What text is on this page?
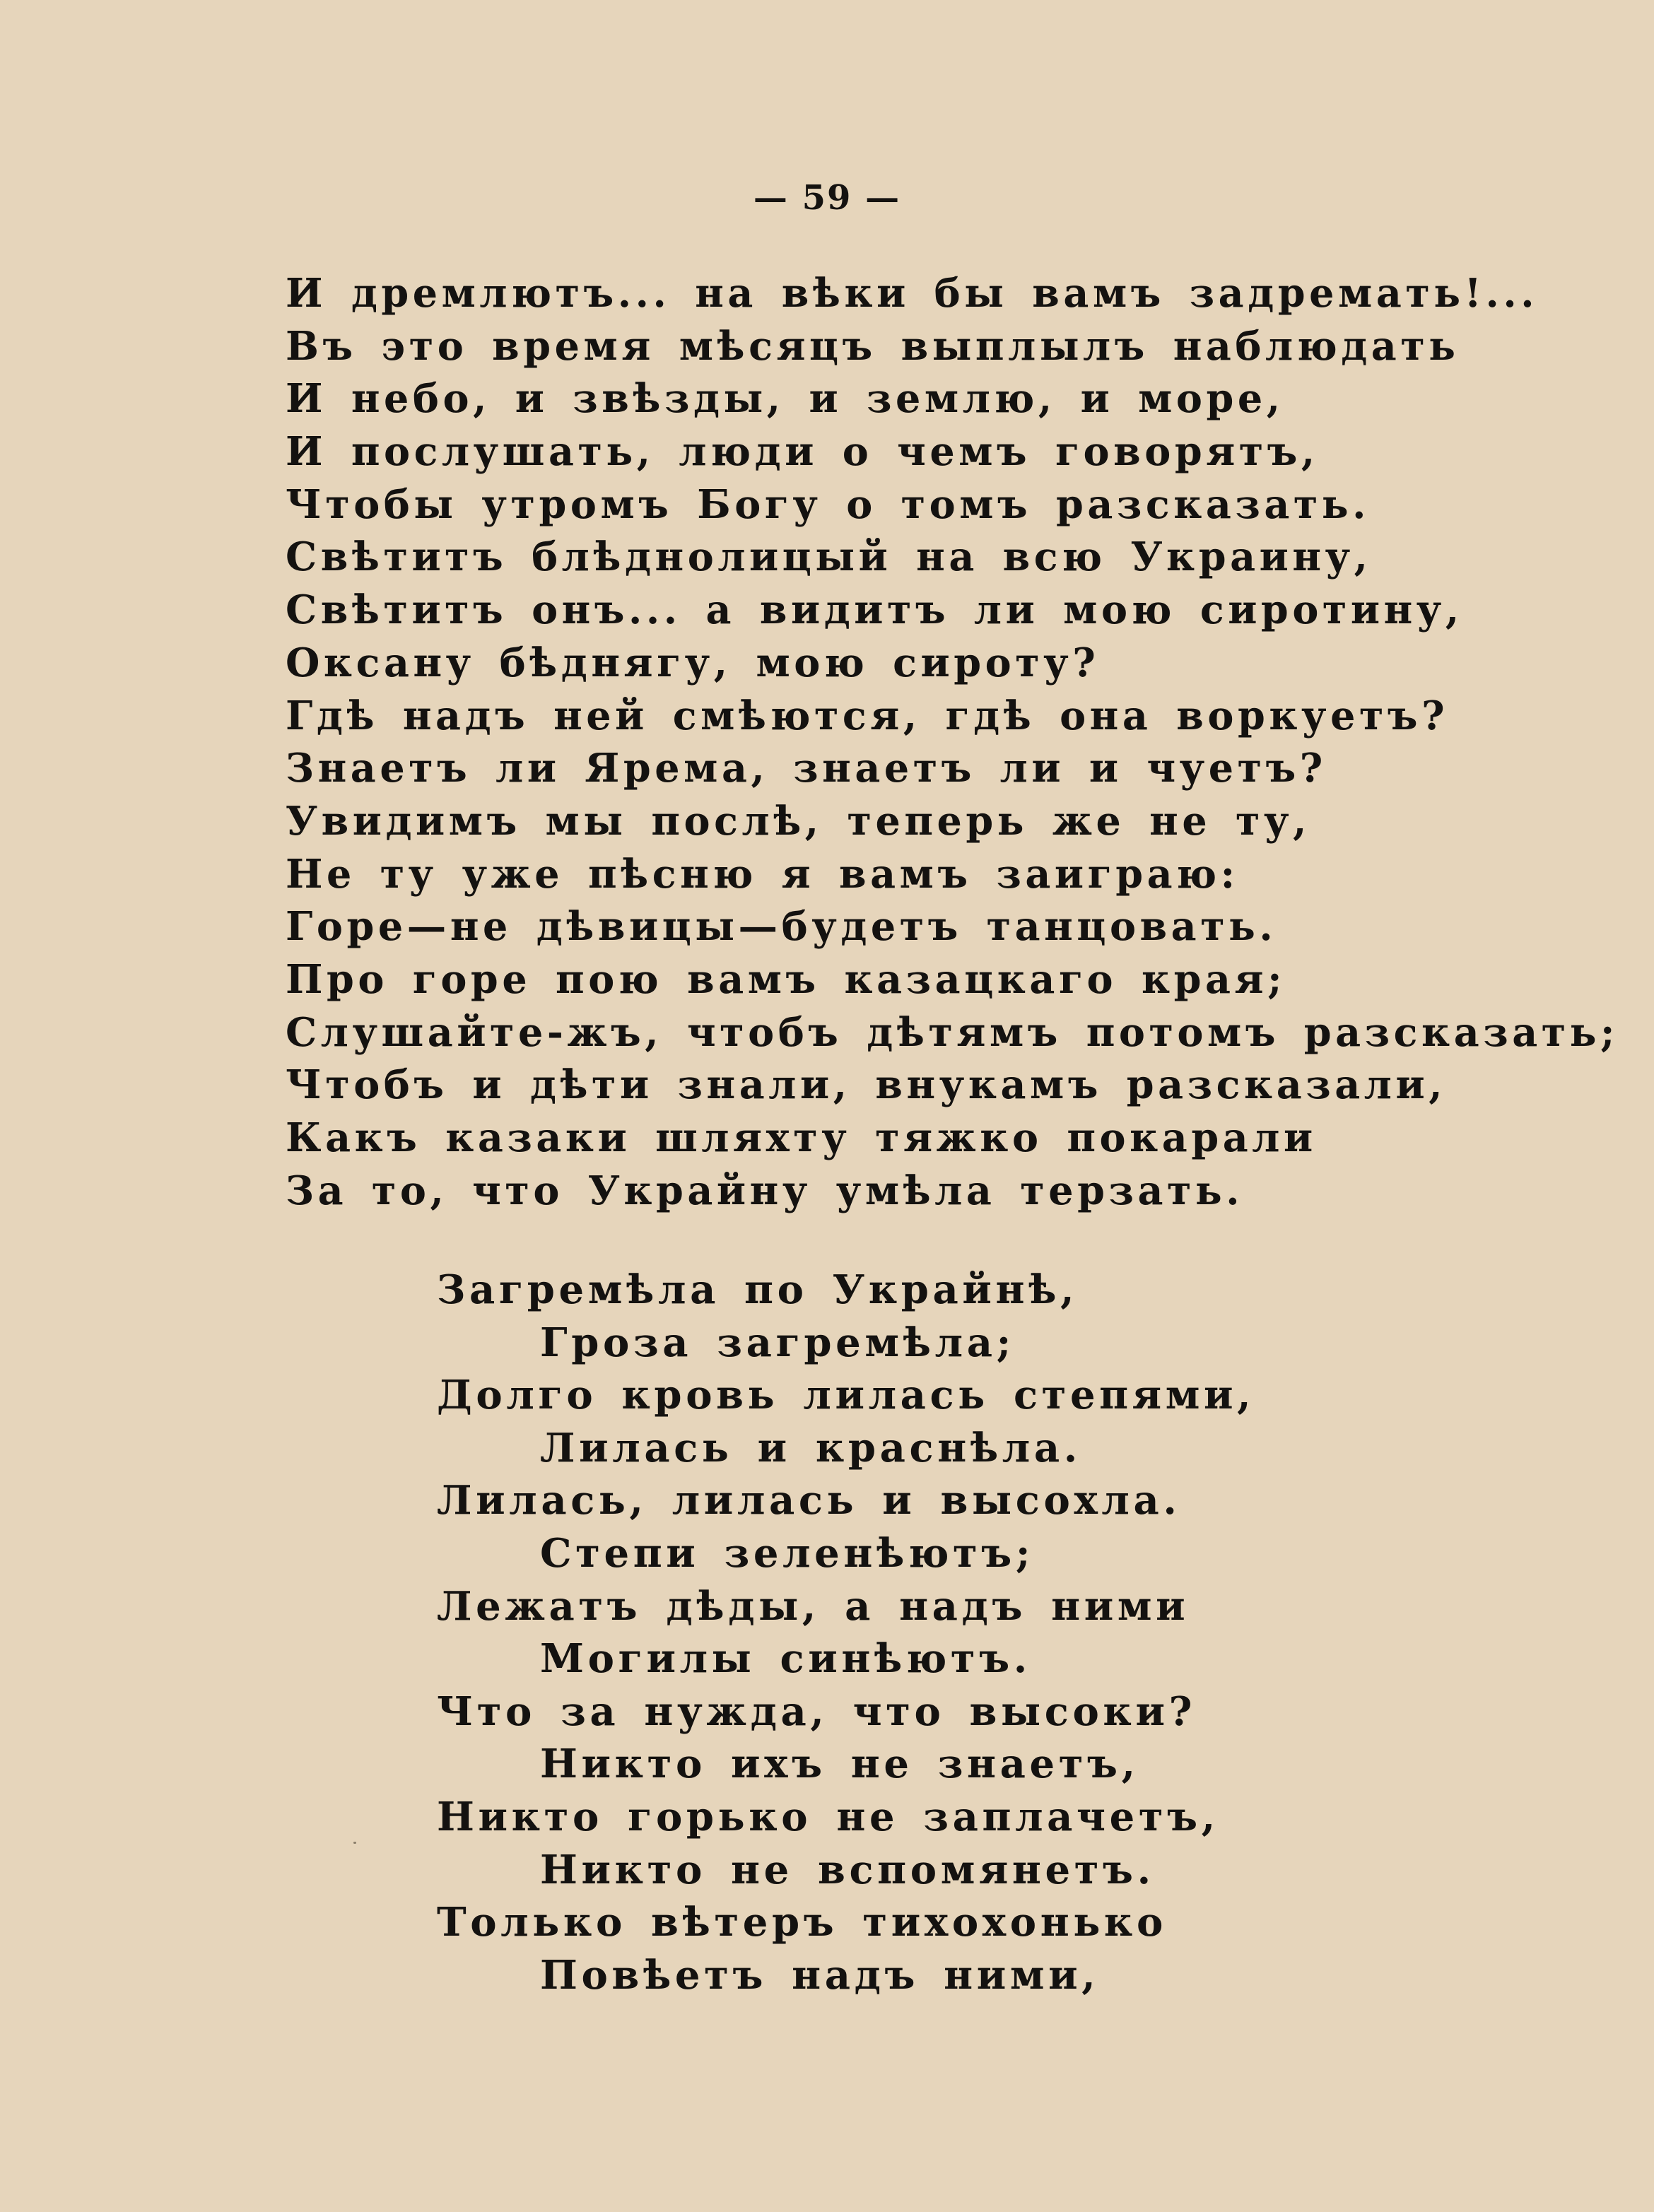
— 59 —
И дремлютъ... на вѣки бы вамъ задремать!...
Въ это время мѣсяцъ выплылъ наблюдать
И небо, и звѣзды, и землю, и море,
И послушать, люди о чемъ говорятъ,
Чтобы утромъ Богу о томъ разсказать.
Свѣтитъ блѣднолицый на всю Украину,
Свѣтитъ онъ... а видитъ ли мою сиротину,
Оксану бѣднягу, мою сироту?
Гдѣ надъ ней смѣются, гдѣ она воркуетъ?
Знаетъ ли Ярема, знаетъ ли и чуетъ?
Увидимъ мы послѣ, теперь же не ту,
Не ту уже пѣсню я вамъ заиграю:
Горе—не дѣвицы—будетъ танцовать.
Про горе пою вамъ казацкаго края;
Слушайте-жъ, чтобъ дѣтямъ потомъ разсказать;
Чтобъ и дѣти знали, внукамъ разсказали,
Какъ казаки шляхту тяжко покарали
За то, что Украйну умѣла терзать.
Загремѣла по Украйнѣ,
Гроза загремѣла;
Долго кровь лилась степями,
Лилась и краснѣла.
Лилась, лилась и высохла.
Степи зеленѣютъ;
Лежатъ дѣды, а надъ ними
Могилы синѣютъ.
Что за нужда, что высоки?
Никто ихъ не знаетъ,
Никто горько не заплачетъ,
Никто не вспомянетъ.
Только вѣтеръ тихохонько
Повѣетъ надъ ними,
